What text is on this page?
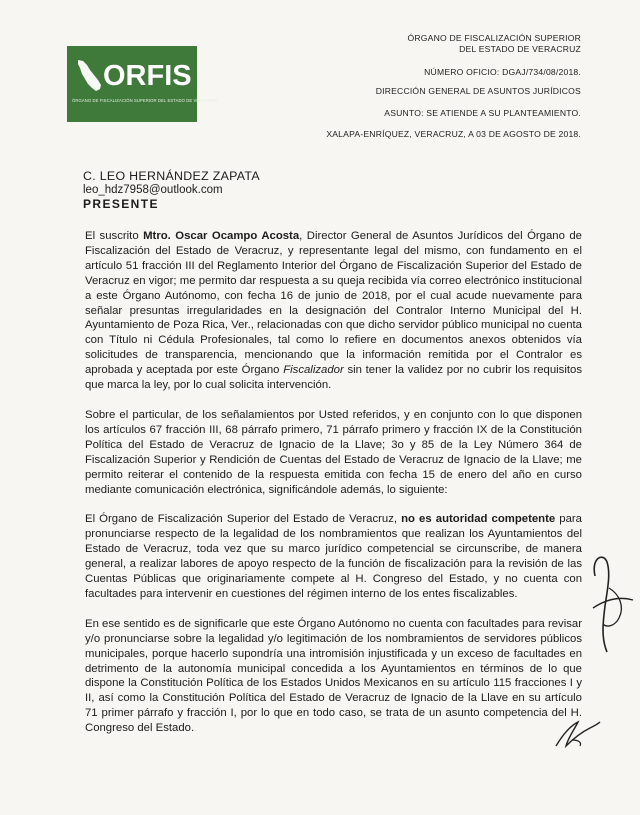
ORFIS
ÓRGANO DE FISCALIZACIÓN SUPERIOR DEL ESTADO DE VERACRUZ
ÓRGANO DE FISCALIZACIÓN SUPERIOR
DEL ESTADO DE VERACRUZ
NÚMERO OFICIO: DGAJ/734/08/2018.
DIRECCIÓN GENERAL DE ASUNTOS JURÍDICOS
ASUNTO: SE ATIENDE A SU PLANTEAMIENTO.
XALAPA-ENRÍQUEZ, VERACRUZ, A 03 DE AGOSTO DE 2018.
C. LEO HERNÁNDEZ ZAPATA
leo_hdz7958@outlook.com
PRESENTE

El suscrito Mtro. Oscar Ocampo Acosta, Director General de Asuntos Jurídicos del Órgano de Fiscalización del Estado de Veracruz, y representante legal del mismo, con fundamento en el artículo 51 fracción III del Reglamento Interior del Órgano de Fiscalización Superior del Estado de Veracruz en vigor; me permito dar respuesta a su queja recibida vía correo electrónico institucional a este Órgano Autónomo, con fecha 16 de junio de 2018, por el cual acude nuevamente para señalar presuntas irregularidades en la designación del Contralor Interno Municipal del H. Ayuntamiento de Poza Rica, Ver., relacionadas con que dicho servidor público municipal no cuenta con Título ni Cédula Profesionales, tal como lo refiere en documentos anexos obtenidos vía solicitudes de transparencia, mencionando que la información remitida por el Contralor es aprobada y aceptada por este Órgano Fiscalizador sin tener la validez por no cubrir los requisitos que marca la ley, por lo cual solicita intervención.

Sobre el particular, de los señalamientos por Usted referidos, y en conjunto con lo que disponen los artículos 67 fracción III, 68 párrafo primero, 71 párrafo primero y fracción IX de la Constitución Política del Estado de Veracruz de Ignacio de la Llave; 3o y 85 de la Ley Número 364 de Fiscalización Superior y Rendición de Cuentas del Estado de Veracruz de Ignacio de la Llave; me permito reiterar el contenido de la respuesta emitida con fecha 15 de enero del año en curso mediante comunicación electrónica, significándole además, lo siguiente:

El Órgano de Fiscalización Superior del Estado de Veracruz, no es autoridad competente para pronunciarse respecto de la legalidad de los nombramientos que realizan los Ayuntamientos del Estado de Veracruz, toda vez que su marco jurídico competencial se circunscribe, de manera general, a realizar labores de apoyo respecto de la función de fiscalización para la revisión de las Cuentas Públicas que originariamente compete al H. Congreso del Estado, y no cuenta con facultades para intervenir en cuestiones del régimen interno de los entes fiscalizables.

En ese sentido es de significarle que este Órgano Autónomo no cuenta con facultades para revisar y/o pronunciarse sobre la legalidad y/o legitimación de los nombramientos de servidores públicos municipales, porque hacerlo supondría una intromisión injustificada y un exceso de facultades en detrimento de la autonomía municipal concedida a los Ayuntamientos en términos de lo que dispone la Constitución Política de los Estados Unidos Mexicanos en su artículo 115 fracciones I y II, así como la Constitución Política del Estado de Veracruz de Ignacio de la Llave en su artículo 71 primer párrafo y fracción I, por lo que en todo caso, se trata de un asunto competencia del H. Congreso del Estado.
